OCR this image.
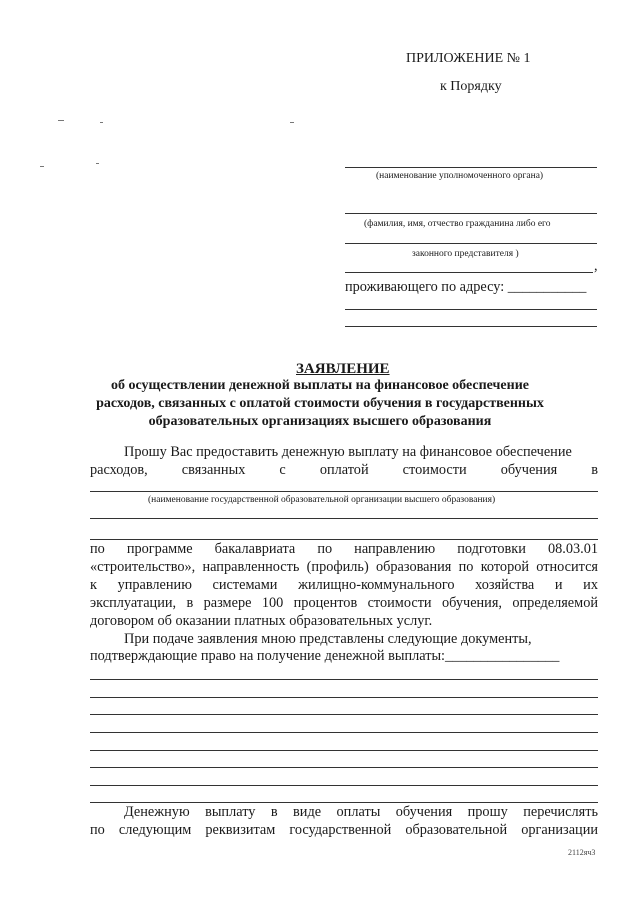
ПРИЛОЖЕНИЕ № 1
к Порядку
(наименование уполномоченного органа)
(фамилия, имя, отчество гражданина либо его
законного представителя )
,
проживающего по адресу: ___________
ЗАЯВЛЕНИЕ
об осуществлении денежной выплаты на финансовое обеспечение
расходов, связанных с оплатой стоимости обучения в государственных
образовательных организациях высшего образования
Прошу Вас предоставить денежную выплату на финансовое обеспечение
расходов, связанных с оплатой стоимости обучения в
(наименование государственной образовательной организации высшего образования)
по программе бакалавриата по направлению подготовки 08.03.01
«строительство», направленность (профиль) образования по которой относится
к управлению системами жилищно-коммунального хозяйства и их
эксплуатации, в размере 100 процентов стоимости обучения, определяемой
договором об оказании платных образовательных услуг.
При подаче заявления мною представлены следующие документы,
подтверждающие право на получение денежной выплаты:________________
Денежную выплату в виде оплаты обучения прошу перечислять
по следующим реквизитам государственной образовательной организации
2112яч3
